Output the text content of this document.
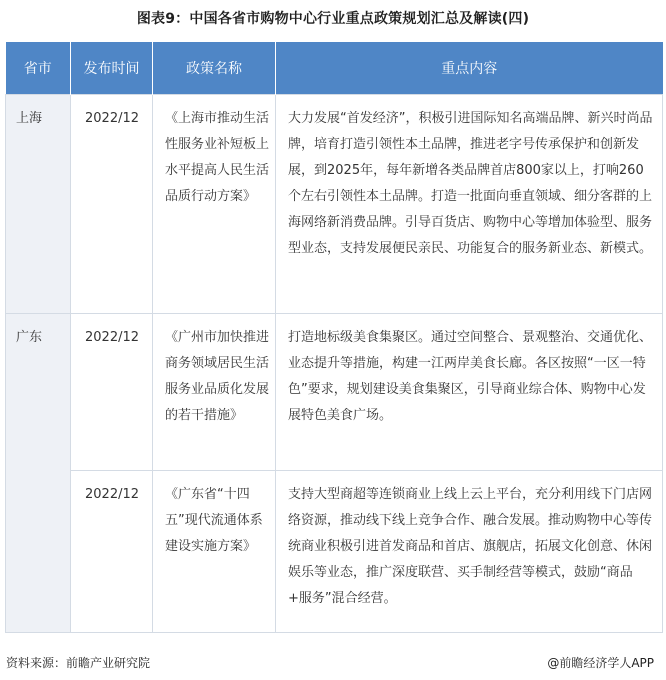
图表9：中国各省市购物中心行业重点政策规划汇总及解读(四)
省市	发布时间	政策名称	重点内容

上海	2022/12	《上海市推动生活性服务业补短板上水平提高人民生活品质行动方案》	大力发展“首发经济”，积极引进国际知名高端品牌、新兴时尚品牌，培育打造引领性本土品牌，推进老字号传承保护和创新发展，到2025年，每年新增各类品牌首店800家以上，打响260个左右引领性本土品牌。打造一批面向垂直领域、细分客群的上海网络新消费品牌。引导百货店、购物中心等增加体验型、服务型业态，支持发展便民亲民、功能复合的服务新业态、新模式。

广东	2022/12	《广州市加快推进商务领域居民生活服务业品质化发展的若干措施》	打造地标级美食集聚区。通过空间整合、景观整治、交通优化、业态提升等措施，构建一江两岸美食长廊。各区按照“一区一特色”要求，规划建设美食集聚区，引导商业综合体、购物中心发展特色美食广场。

	2022/12	《广东省“十四五”现代流通体系建设实施方案》	支持大型商超等连锁商业上线上云上平台，充分利用线下门店网络资源，推动线下线上竞争合作、融合发展。推动购物中心等传统商业积极引进首发商品和首店、旗舰店，拓展文化创意、休闲娱乐等业态，推广深度联营、买手制经营等模式，鼓励“商品+服务”混合经营。
资料来源：前瞻产业研究院	@前瞻经济学人APP
